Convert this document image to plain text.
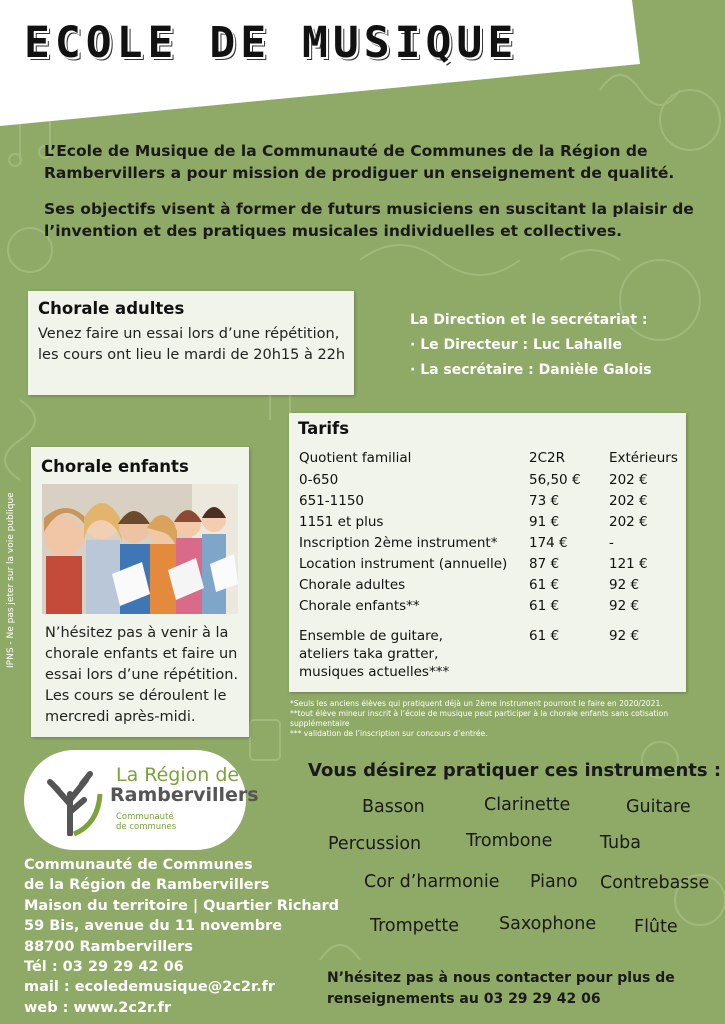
ECOLE DE MUSIQUE

L’Ecole de Musique de la Communauté de Communes de la Région de Rambervillers a pour mission de prodiguer un enseignement de qualité.

Ses objectifs visent à former de futurs musiciens en suscitant la plaisir de l’invention et des pratiques musicales individuelles et collectives.

Chorale adultes

Venez faire un essai lors d’une répétition, les cours ont lieu le mardi de 20h15 à 22h

La Direction et le secrétariat :
· Le Directeur : Luc Lahalle
· La secrétaire : Danièle Galois
Tarifs
Quotient familial	2C2R	Extérieurs
0-650	56,50 €	202 €
651-1150	73 €	202 €
1151 et plus	91 €	202 €
Inscription 2ème instrument*	174 €	-
Location instrument (annuelle)	87 €	121 €
Chorale adultes	61 €	92 €
Chorale enfants**	61 €	92 €

Ensemble de guitare,
ateliers taka gratter,
musiques actuelles***	61 €	92 €
*Seuls les anciens élèves qui pratiquent déjà un 2ème instrument pourront le faire en 2020/2021.
**tout élève mineur inscrit à l’école de musique peut participer à la chorale enfants sans cotisation supplémentaire
*** validation de l’inscription sur concours d’entrée.
Chorale enfants

N’hésitez pas à venir à la chorale enfants et faire un essai lors d’une répétition. Les cours se déroulent le mercredi après-midi.

IPNS - Ne pas jeter sur la voie publique
La Région de
Rambervillers
Communauté
de communes
Communauté de Communes
de la Région de Rambervillers
Maison du territoire | Quartier Richard
59 Bis, avenue du 11 novembre
88700 Rambervillers
Tél : 03 29 29 42 06
mail : ecoledemusique@2c2r.fr
web : www.2c2r.fr
Vous désirez pratiquer ces instruments :
Basson	Clarinette	Guitare
Percussion	Trombone	Tuba
Cor d’harmonie Piano Contrebasse
Trompette Saxophone Flûte
N’hésitez pas à nous contacter pour plus de
renseignements au 03 29 29 42 06
